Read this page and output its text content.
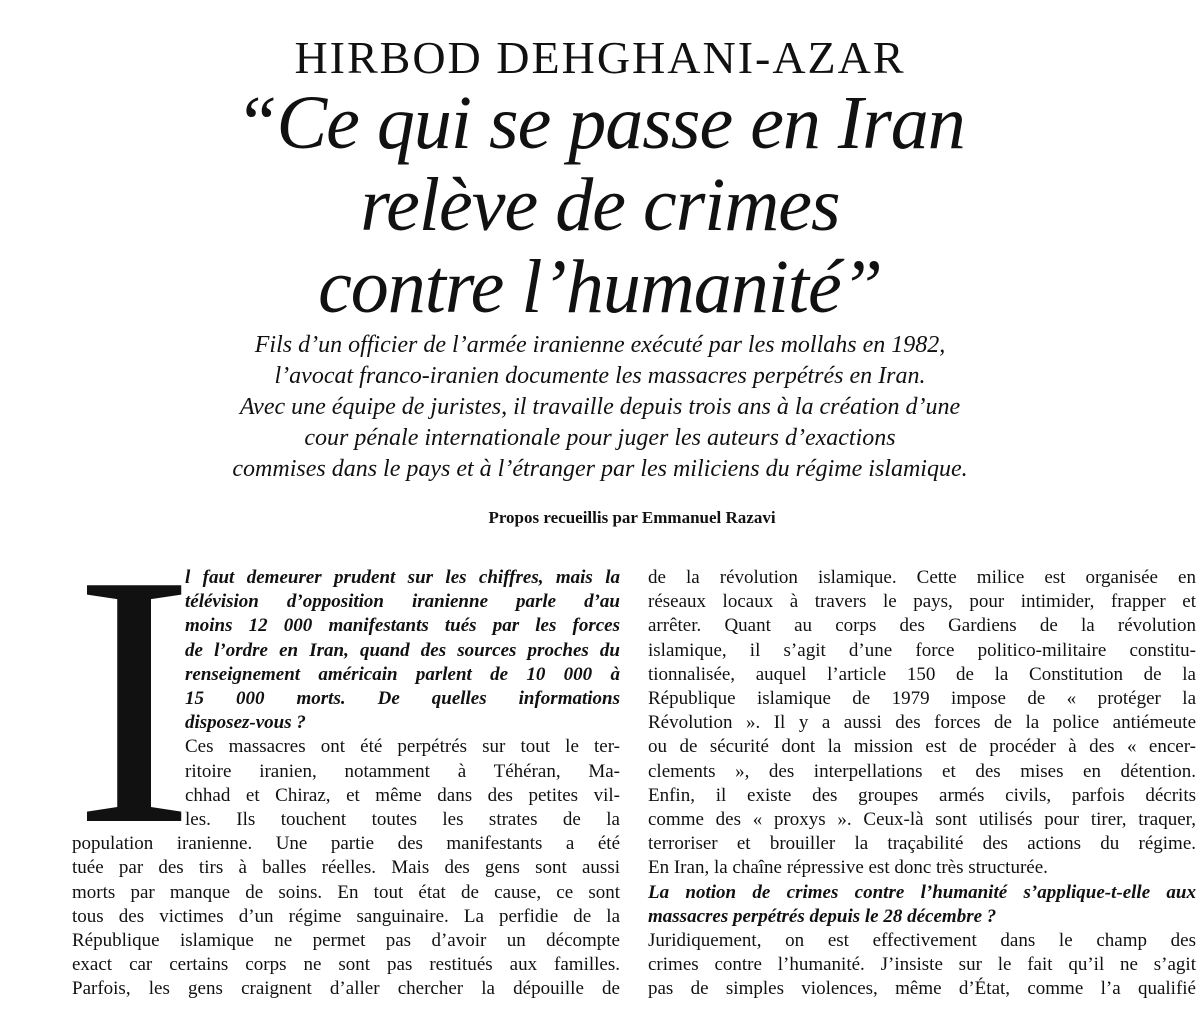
HIRBOD DEHGHANI-AZAR
“Ce qui se passe en Iran
relève de crimes
contre l’humanité”

Fils d’un officier de l’armée iranienne exécuté par les mollahs en 1982,
l’avocat franco-iranien documente les massacres perpétrés en Iran.
Avec une équipe de juristes, il travaille depuis trois ans à la création d’une
cour pénale internationale pour juger les auteurs d’exactions
commises dans le pays et à l’étranger par les miliciens du régime islamique.

Propos recueillis par Emmanuel Razavi
I
l faut demeurer prudent sur les chiffres, mais la
télévision d’opposition iranienne parle d’au
moins 12 000 manifestants tués par les forces
de l’ordre en Iran, quand des sources proches du
renseignement américain parlent de 10 000 à
15 000 morts. De quelles informations
disposez-vous ?
Ces massacres ont été perpétrés sur tout le ter-
ritoire iranien, notamment à Téhéran, Ma-
chhad et Chiraz, et même dans des petites vil-
les. Ils touchent toutes les strates de la
population iranienne. Une partie des manifestants a été
tuée par des tirs à balles réelles. Mais des gens sont aussi
morts par manque de soins. En tout état de cause, ce sont
tous des victimes d’un régime sanguinaire. La perfidie de la
République islamique ne permet pas d’avoir un décompte
exact car certains corps ne sont pas restitués aux familles.
Parfois, les gens craignent d’aller chercher la dépouille de
de la révolution islamique. Cette milice est organisée en
réseaux locaux à travers le pays, pour intimider, frapper et
arrêter. Quant au corps des Gardiens de la révolution
islamique, il s’agit d’une force politico-militaire constitu-
tionnalisée, auquel l’article 150 de la Constitution de la
République islamique de 1979 impose de « protéger la
Révolution ». Il y a aussi des forces de la police antiémeute
ou de sécurité dont la mission est de procéder à des « encer-
clements », des interpellations et des mises en détention.
Enfin, il existe des groupes armés civils, parfois décrits
comme des « proxys ». Ceux-là sont utilisés pour tirer, traquer,
terroriser et brouiller la traçabilité des actions du régime.
En Iran, la chaîne répressive est donc très structurée.
La notion de crimes contre l’humanité s’applique-t-elle aux
massacres perpétrés depuis le 28 décembre ?
Juridiquement, on est effectivement dans le champ des
crimes contre l’humanité. J’insiste sur le fait qu’il ne s’agit
pas de simples violences, même d’État, comme l’a qualifié
